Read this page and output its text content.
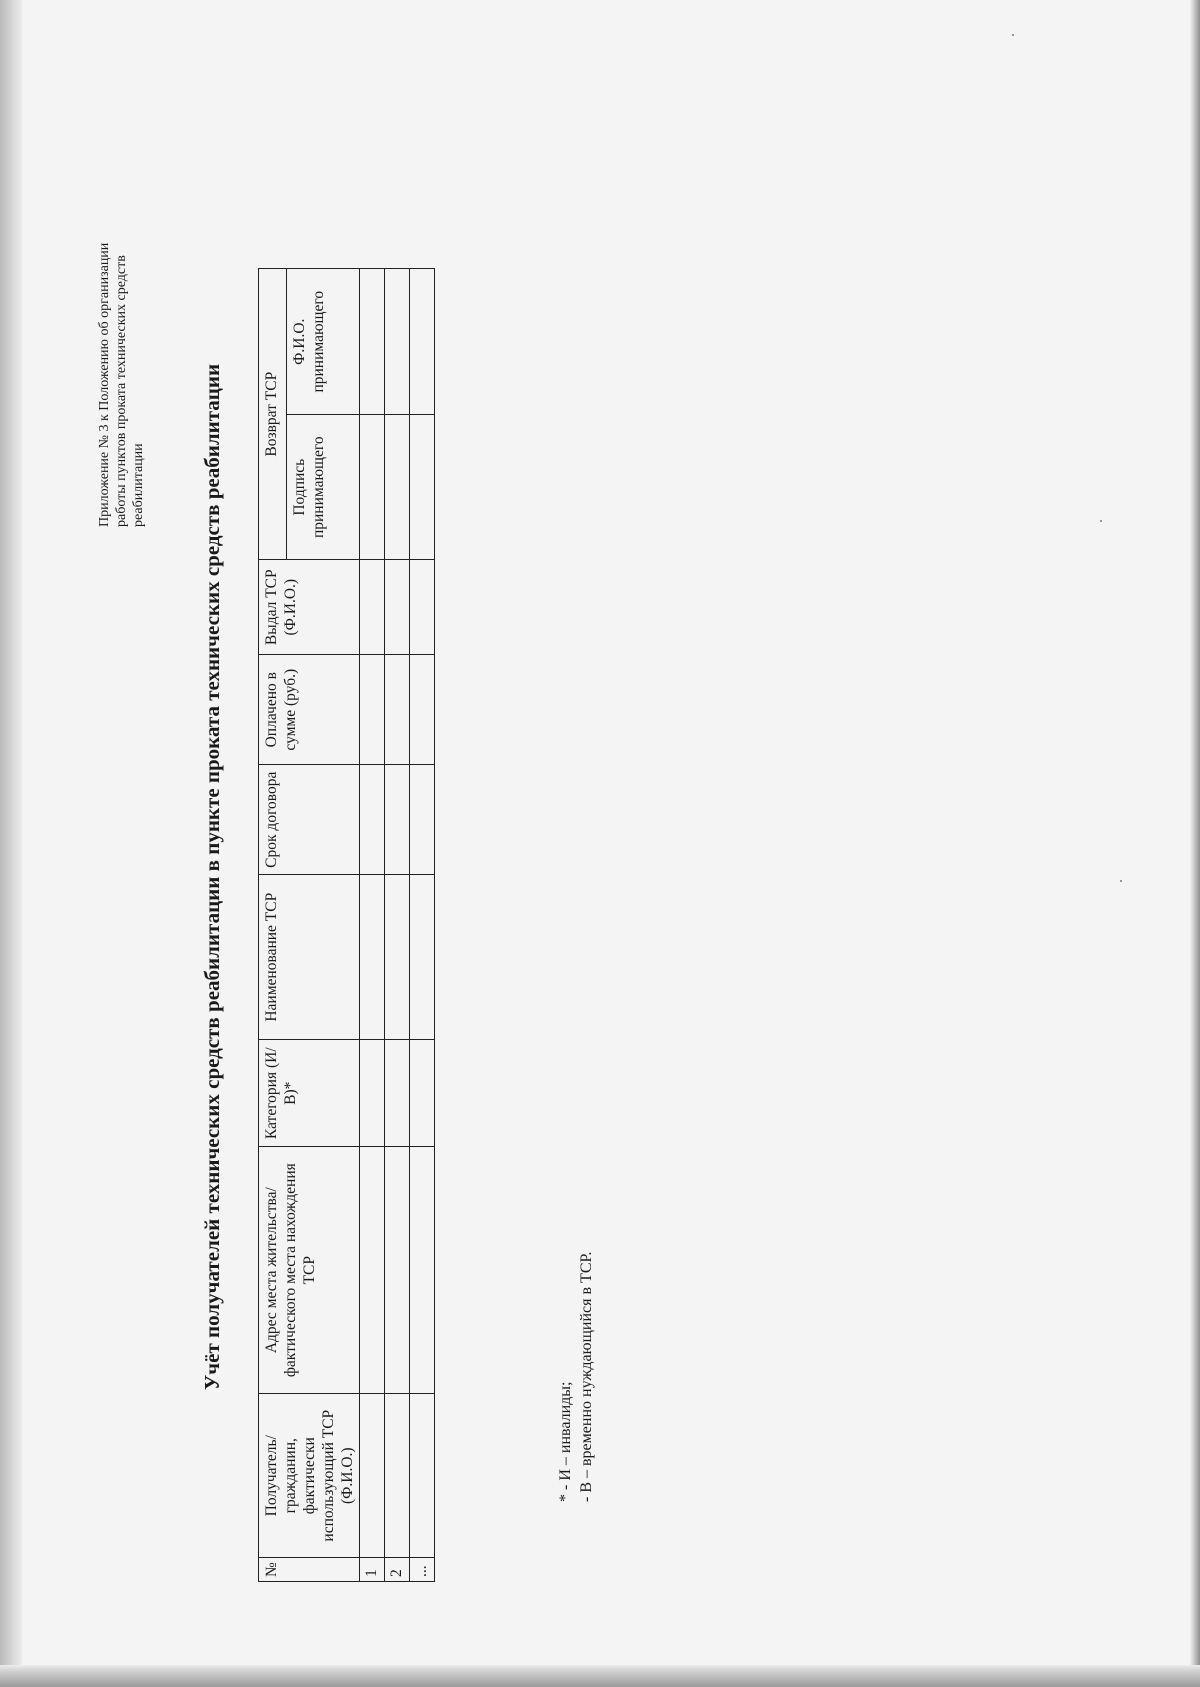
Приложение № 3 к Положению об организации работы пунктов проката технических средств реабилитации	Учёт получателей технических средств реабилитации в пункте проката технических средств реабилитации
№	Получатель/гражданин, фактически использующий ТСР (Ф.И.О.)	Адрес места жительства/фактического места нахождения ТСР	Категория (И/В)*	Наименование ТСР	Срок договора	Оплачено в сумме (руб.)	Выдал ТСР (Ф.И.О.)	Возврат ТСР	
								Подпись принимающего	Ф.И.О. принимающего
1									
2									
...									
* - И – инвалиды; - В – временно нуждающийся в ТСР.
